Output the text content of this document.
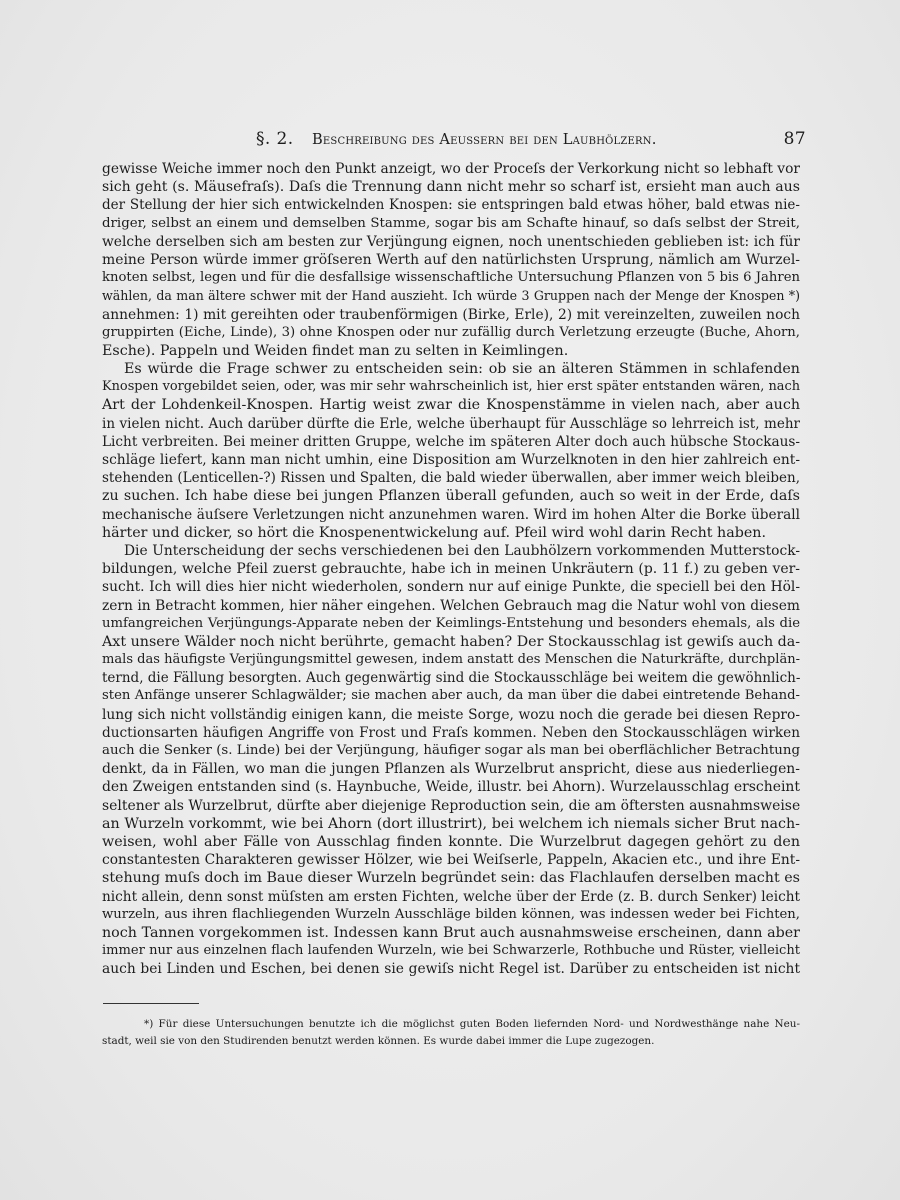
§. 2. Beschreibung des Aeussern bei den Laubhölzern.	87
gewisse Weiche immer noch den Punkt anzeigt, wo der Proceſs der Verkorkung nicht so lebhaft vor
sich geht (s. Mäusefraſs). Daſs die Trennung dann nicht mehr so scharf ist, ersieht man auch aus
der Stellung der hier sich entwickelnden Knospen: sie entspringen bald etwas höher, bald etwas nie-
driger, selbst an einem und demselben Stamme, sogar bis am Schafte hinauf, so daſs selbst der Streit,
welche derselben sich am besten zur Verjüngung eignen, noch unentschieden geblieben ist: ich für
meine Person würde immer gröſseren Werth auf den natürlichsten Ursprung, nämlich am Wurzel-
knoten selbst, legen und für die desfallsige wissenschaftliche Untersuchung Pflanzen von 5 bis 6 Jahren
wählen, da man ältere schwer mit der Hand auszieht. Ich würde 3 Gruppen nach der Menge der Knospen *)
annehmen: 1) mit gereihten oder traubenförmigen (Birke, Erle), 2) mit vereinzelten, zuweilen noch
gruppirten (Eiche, Linde), 3) ohne Knospen oder nur zufällig durch Verletzung erzeugte (Buche, Ahorn,
Esche). Pappeln und Weiden findet man zu selten in Keimlingen.
Es würde die Frage schwer zu entscheiden sein: ob sie an älteren Stämmen in schlafenden
Knospen vorgebildet seien, oder, was mir sehr wahrscheinlich ist, hier erst später entstanden wären, nach
Art der Lohdenkeil-Knospen. Hartig weist zwar die Knospenstämme in vielen nach, aber auch
in vielen nicht. Auch darüber dürfte die Erle, welche überhaupt für Ausschläge so lehrreich ist, mehr
Licht verbreiten. Bei meiner dritten Gruppe, welche im späteren Alter doch auch hübsche Stockaus-
schläge liefert, kann man nicht umhin, eine Disposition am Wurzelknoten in den hier zahlreich ent-
stehenden (Lenticellen-?) Rissen und Spalten, die bald wieder überwallen, aber immer weich bleiben,
zu suchen. Ich habe diese bei jungen Pflanzen überall gefunden, auch so weit in der Erde, daſs
mechanische äuſsere Verletzungen nicht anzunehmen waren. Wird im hohen Alter die Borke überall
härter und dicker, so hört die Knospenentwickelung auf. Pfeil wird wohl darin Recht haben.
Die Unterscheidung der sechs verschiedenen bei den Laubhölzern vorkommenden Mutterstock-
bildungen, welche Pfeil zuerst gebrauchte, habe ich in meinen Unkräutern (p. 11 f.) zu geben ver-
sucht. Ich will dies hier nicht wiederholen, sondern nur auf einige Punkte, die speciell bei den Höl-
zern in Betracht kommen, hier näher eingehen. Welchen Gebrauch mag die Natur wohl von diesem
umfangreichen Verjüngungs-Apparate neben der Keimlings-Entstehung und besonders ehemals, als die
Axt unsere Wälder noch nicht berührte, gemacht haben? Der Stockausschlag ist gewiſs auch da-
mals das häufigste Verjüngungsmittel gewesen, indem anstatt des Menschen die Naturkräfte, durchplän-
ternd, die Fällung besorgten. Auch gegenwärtig sind die Stockausschläge bei weitem die gewöhnlich-
sten Anfänge unserer Schlagwälder; sie machen aber auch, da man über die dabei eintretende Behand-
lung sich nicht vollständig einigen kann, die meiste Sorge, wozu noch die gerade bei diesen Repro-
ductionsarten häufigen Angriffe von Frost und Fraſs kommen. Neben den Stockausschlägen wirken
auch die Senker (s. Linde) bei der Verjüngung, häufiger sogar als man bei oberflächlicher Betrachtung
denkt, da in Fällen, wo man die jungen Pflanzen als Wurzelbrut anspricht, diese aus niederliegen-
den Zweigen entstanden sind (s. Haynbuche, Weide, illustr. bei Ahorn). Wurzelausschlag erscheint
seltener als Wurzelbrut, dürfte aber diejenige Reproduction sein, die am öftersten ausnahmsweise
an Wurzeln vorkommt, wie bei Ahorn (dort illustrirt), bei welchem ich niemals sicher Brut nach-
weisen, wohl aber Fälle von Ausschlag finden konnte. Die Wurzelbrut dagegen gehört zu den
constantesten Charakteren gewisser Hölzer, wie bei Weiſserle, Pappeln, Akacien etc., und ihre Ent-
stehung muſs doch im Baue dieser Wurzeln begründet sein: das Flachlaufen derselben macht es
nicht allein, denn sonst müſsten am ersten Fichten, welche über der Erde (z. B. durch Senker) leicht
wurzeln, aus ihren flachliegenden Wurzeln Ausschläge bilden können, was indessen weder bei Fichten,
noch Tannen vorgekommen ist. Indessen kann Brut auch ausnahmsweise erscheinen, dann aber
immer nur aus einzelnen flach laufenden Wurzeln, wie bei Schwarzerle, Rothbuche und Rüster, vielleicht
auch bei Linden und Eschen, bei denen sie gewiſs nicht Regel ist. Darüber zu entscheiden ist nicht
*) Für diese Untersuchungen benutzte ich die möglichst guten Boden liefernden Nord- und Nordwesthänge nahe Neu-
stadt, weil sie von den Studirenden benutzt werden können. Es wurde dabei immer die Lupe zugezogen.
